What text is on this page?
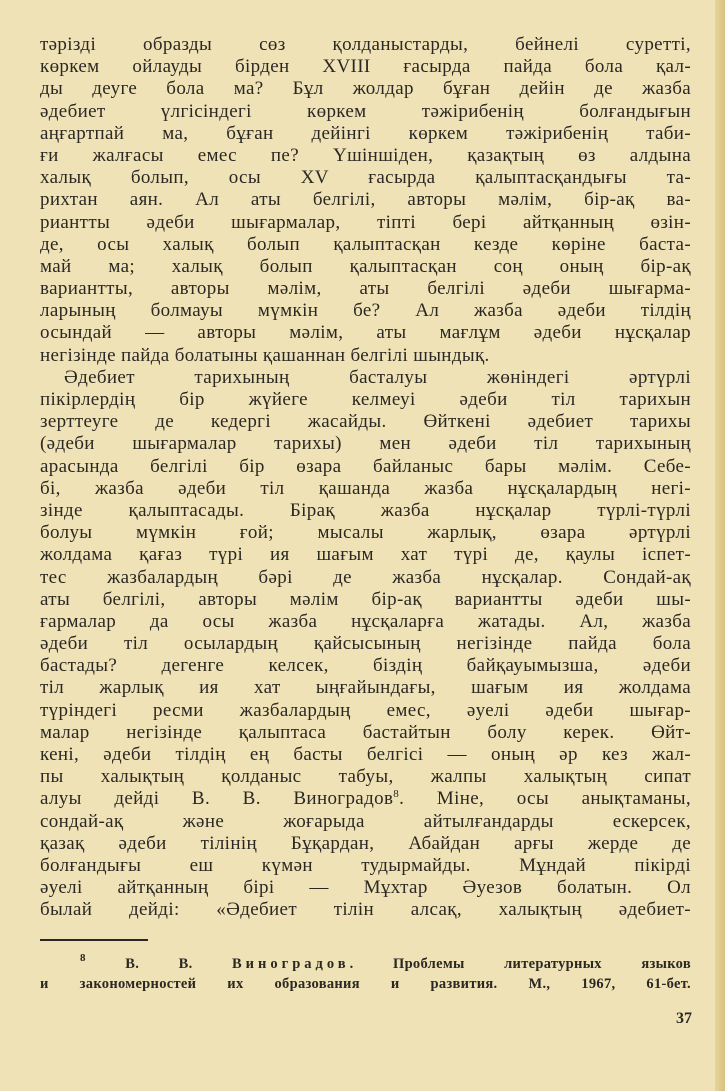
тәрізді образды сөз қолданыстарды, бейнелі суретті,
көркем ойлауды бірден XVIII ғасырда пайда бола қал-
ды деуге бола ма? Бұл жолдар бұған дейін де жазба
әдебиет үлгісіндегі көркем тәжірибенің болғандығын
аңғартпай ма, бұған дейінгі көркем тәжірибенің таби-
ғи жалғасы емес пе? Үшіншіден, қазақтың өз алдына
халық болып, осы XV ғасырда қалыптасқандығы та-
рихтан аян. Ал аты белгілі, авторы мәлім, бір-ақ ва-
риантты әдеби шығармалар, тіпті бері айтқанның өзін-
де, осы халық болып қалыптасқан кезде көріне баста-
май ма; халық болып қалыптасқан соң оның бір-ақ
вариантты, авторы мәлім, аты белгілі әдеби шығарма-
ларының болмауы мүмкін бе? Ал жазба әдеби тілдің
осындай — авторы мәлім, аты мағлұм әдеби нұсқалар
негізінде пайда болатыны қашаннан белгілі шындық.
Әдебиет тарихының басталуы жөніндегі әртүрлі
пікірлердің бір жүйеге келмеуі әдеби тіл тарихын
зерттеуге де кедергі жасайды. Өйткені әдебиет тарихы
(әдеби шығармалар тарихы) мен әдеби тіл тарихының
арасында белгілі бір өзара байланыс бары мәлім. Себе-
бі, жазба әдеби тіл қашанда жазба нұсқалардың негі-
зінде қалыптасады. Бірақ жазба нұсқалар түрлі-түрлі
болуы мүмкін ғой; мысалы жарлық, өзара әртүрлі
жолдама қағаз түрі ия шағым хат түрі де, қаулы іспет-
тес жазбалардың бәрі де жазба нұсқалар. Сондай-ақ
аты белгілі, авторы мәлім бір-ақ вариантты әдеби шы-
ғармалар да осы жазба нұсқаларға жатады. Ал, жазба
әдеби тіл осылардың қайсысының негізінде пайда бола
бастады? дегенге келсек, біздің байқауымызша, әдеби
тіл жарлық ия хат ыңғайындағы, шағым ия жолдама
түріндегі ресми жазбалардың емес, әуелі әдеби шығар-
малар негізінде қалыптаса бастайтын болу керек. Өйт-
кені, әдеби тілдің ең басты белгісі — оның әр кез жал-
пы халықтың қолданыс табуы, жалпы халықтың сипат
алуы дейді В. В. Виноградов$^8$. Міне, осы анықтаманы,
сондай-ақ және жоғарыда айтылғандарды ескерсек,
қазақ әдеби тілінің Бұқардан, Абайдан арғы жерде де
болғандығы еш күмән тудырмайды. Мұндай пікірді
әуелі айтқанның бірі — Мұхтар Әуезов болатын. Ол
былай дейді: «Әдебиет тілін алсақ, халықтың әдебиет-
$^8$	В. В.	Виноградов. Проблемы литературных языков
и закономерностей их образования и развития. М., 1967, 61-бет.
37
